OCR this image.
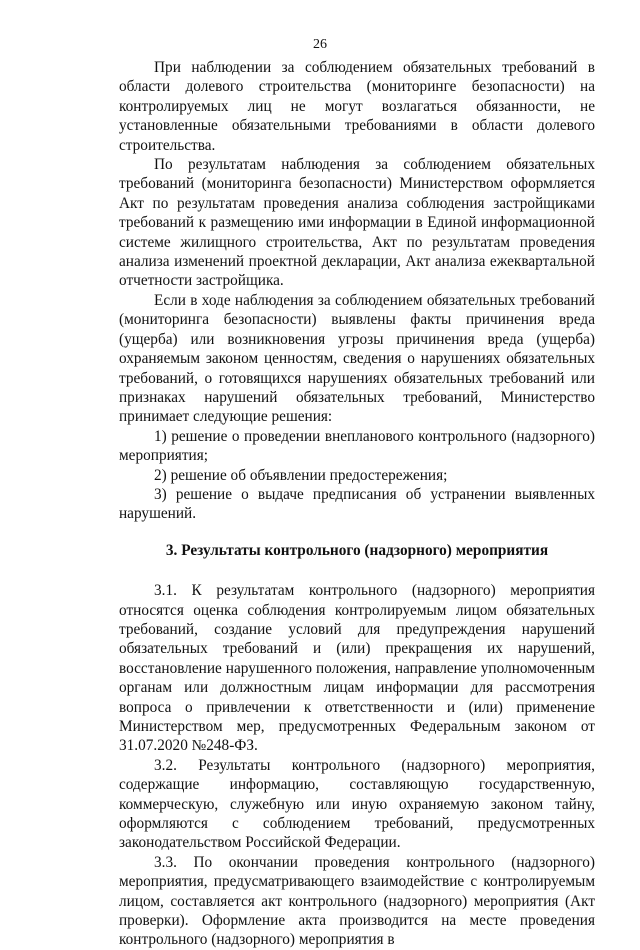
26

При наблюдении за соблюдением обязательных требований в области долевого строительства (мониторинге безопасности) на контролируемых лиц не могут возлагаться обязанности, не установленные обязательными требованиями в области долевого строительства.

По результатам наблюдения за соблюдением обязательных требований (мониторинга безопасности) Министерством оформляется Акт по результатам проведения анализа соблюдения застройщиками требований к размещению ими информации в Единой информационной системе жилищного строительства, Акт по результатам проведения анализа изменений проектной декларации, Акт анализа ежеквартальной отчетности застройщика.

Если в ходе наблюдения за соблюдением обязательных требований (мониторинга безопасности) выявлены факты причинения вреда (ущерба) или возникновения угрозы причинения вреда (ущерба) охраняемым законом ценностям, сведения о нарушениях обязательных требований, о готовящихся нарушениях обязательных требований или признаках нарушений обязательных требований, Министерство принимает следующие решения:

1) решение о проведении внепланового контрольного (надзорного) мероприятия;

2) решение об объявлении предостережения;

3) решение о выдаче предписания об устранении выявленных нарушений.

3. Результаты контрольного (надзорного) мероприятия

3.1. К результатам контрольного (надзорного) мероприятия относятся оценка соблюдения контролируемым лицом обязательных требований, создание условий для предупреждения нарушений обязательных требований и (или) прекращения их нарушений, восстановление нарушенного положения, направление уполномоченным органам или должностным лицам информации для рассмотрения вопроса о привлечении к ответственности и (или) применение Министерством мер, предусмотренных Федеральным законом от 31.07.2020 №248-ФЗ.

3.2. Результаты контрольного (надзорного) мероприятия, содержащие информацию, составляющую государственную, коммерческую, служебную или иную охраняемую законом тайну, оформляются с соблюдением требований, предусмотренных законодательством Российской Федерации.

3.3. По окончании проведения контрольного (надзорного) мероприятия, предусматривающего взаимодействие с контролируемым лицом, составляется акт контрольного (надзорного) мероприятия (Акт проверки). Оформление акта производится на месте проведения контрольного (надзорного) мероприятия в
